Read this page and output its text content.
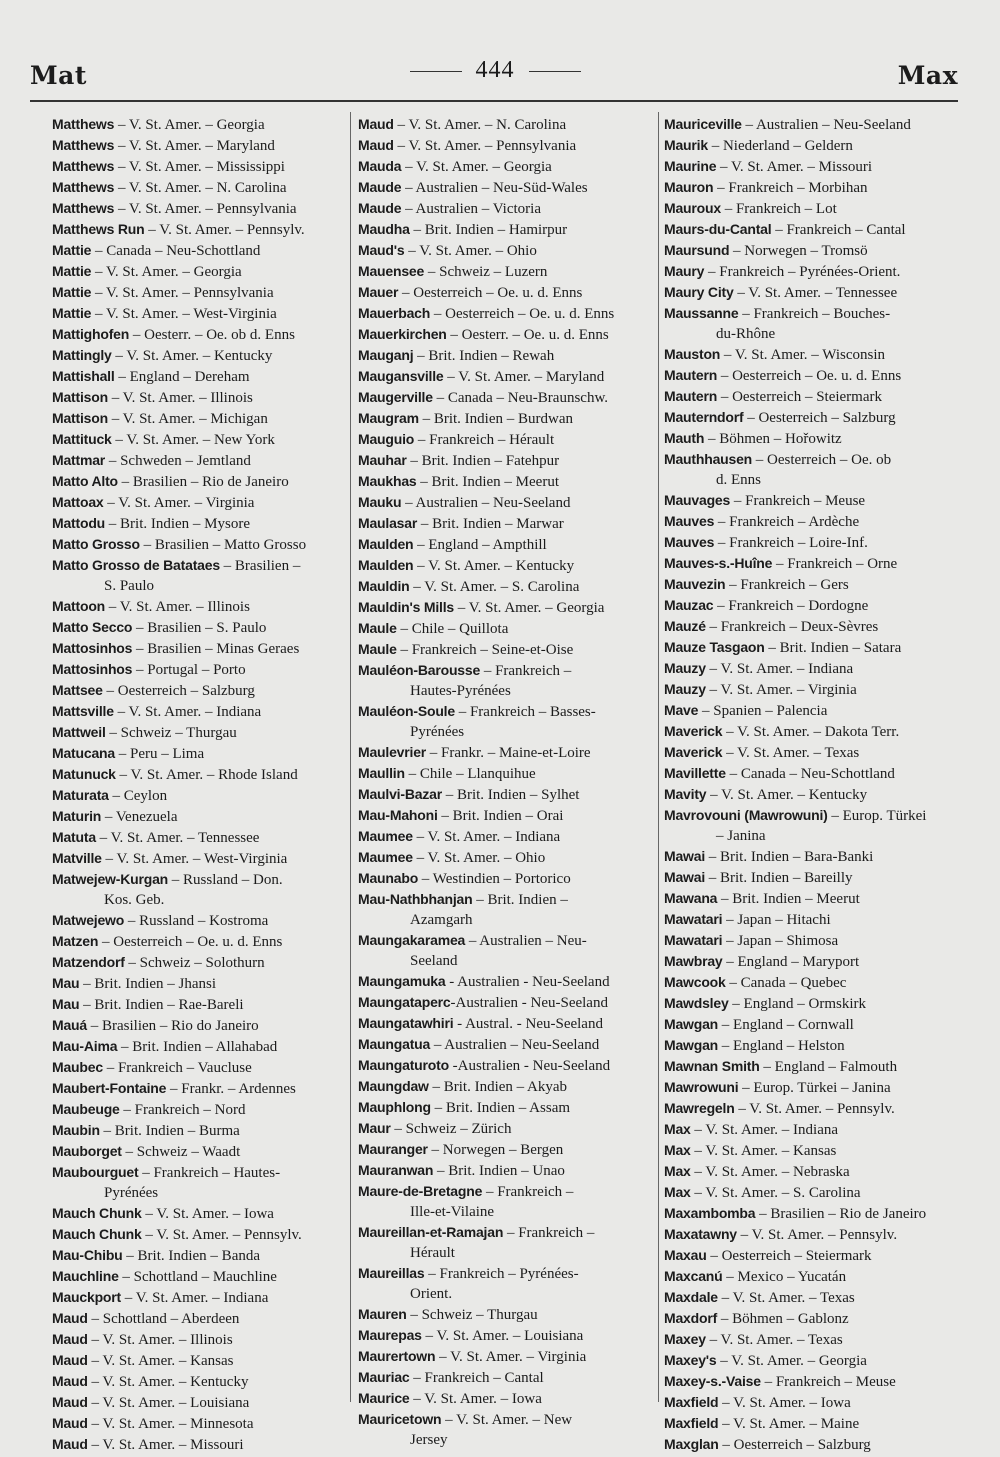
Mat	444	Max
Matthews – V. St. Amer. – Georgia
Matthews – V. St. Amer. – Maryland
Matthews – V. St. Amer. – Mississippi
Matthews – V. St. Amer. – N. Carolina
Matthews – V. St. Amer. – Pennsylvania
Matthews Run – V. St. Amer. – Pennsylv.
Mattie – Canada – Neu-Schottland
Mattie – V. St. Amer. – Georgia
Mattie – V. St. Amer. – Pennsylvania
Mattie – V. St. Amer. – West-Virginia
Mattighofen – Oesterr. – Oe. ob d. Enns
Mattingly – V. St. Amer. – Kentucky
Mattishall – England – Dereham
Mattison – V. St. Amer. – Illinois
Mattison – V. St. Amer. – Michigan
Mattituck – V. St. Amer. – New York
Mattmar – Schweden – Jemtland
Matto Alto – Brasilien – Rio de Janeiro
Mattoax – V. St. Amer. – Virginia
Mattodu – Brit. Indien – Mysore
Matto Grosso – Brasilien – Matto Grosso
Matto Grosso de Batataes – Brasilien –
S. Paulo
Mattoon – V. St. Amer. – Illinois
Matto Secco – Brasilien – S. Paulo
Mattosinhos – Brasilien – Minas Geraes
Mattosinhos – Portugal – Porto
Mattsee – Oesterreich – Salzburg
Mattsville – V. St. Amer. – Indiana
Mattweil – Schweiz – Thurgau
Matucana – Peru – Lima
Matunuck – V. St. Amer. – Rhode Island
Maturata – Ceylon
Maturin – Venezuela
Matuta – V. St. Amer. – Tennessee
Matville – V. St. Amer. – West-Virginia
Matwejew-Kurgan – Russland – Don.
Kos. Geb.
Matwejewo – Russland – Kostroma
Matzen – Oesterreich – Oe. u. d. Enns
Matzendorf – Schweiz – Solothurn
Mau – Brit. Indien – Jhansi
Mau – Brit. Indien – Rae-Bareli
Mauá – Brasilien – Rio do Janeiro
Mau-Aima – Brit. Indien – Allahabad
Maubec – Frankreich – Vaucluse
Maubert-Fontaine – Frankr. – Ardennes
Maubeuge – Frankreich – Nord
Maubin – Brit. Indien – Burma
Mauborget – Schweiz – Waadt
Maubourguet – Frankreich – Hautes-
Pyrénées
Mauch Chunk – V. St. Amer. – Iowa
Mauch Chunk – V. St. Amer. – Pennsylv.
Mau-Chibu – Brit. Indien – Banda
Mauchline – Schottland – Mauchline
Mauckport – V. St. Amer. – Indiana
Maud – Schottland – Aberdeen
Maud – V. St. Amer. – Illinois
Maud – V. St. Amer. – Kansas
Maud – V. St. Amer. – Kentucky
Maud – V. St. Amer. – Louisiana
Maud – V. St. Amer. – Minnesota
Maud – V. St. Amer. – Missouri
Maud – V. St. Amer. – N. Carolina
Maud – V. St. Amer. – Pennsylvania
Mauda – V. St. Amer. – Georgia
Maude – Australien – Neu-Süd-Wales
Maude – Australien – Victoria
Maudha – Brit. Indien – Hamirpur
Maud's – V. St. Amer. – Ohio
Mauensee – Schweiz – Luzern
Mauer – Oesterreich – Oe. u. d. Enns
Mauerbach – Oesterreich – Oe. u. d. Enns
Mauerkirchen – Oesterr. – Oe. u. d. Enns
Mauganj – Brit. Indien – Rewah
Maugansville – V. St. Amer. – Maryland
Maugerville – Canada – Neu-Braunschw.
Maugram – Brit. Indien – Burdwan
Mauguio – Frankreich – Hérault
Mauhar – Brit. Indien – Fatehpur
Maukhas – Brit. Indien – Meerut
Mauku – Australien – Neu-Seeland
Maulasar – Brit. Indien – Marwar
Maulden – England – Ampthill
Maulden – V. St. Amer. – Kentucky
Mauldin – V. St. Amer. – S. Carolina
Mauldin's Mills – V. St. Amer. – Georgia
Maule – Chile – Quillota
Maule – Frankreich – Seine-et-Oise
Mauléon-Barousse – Frankreich –
Hautes-Pyrénées
Mauléon-Soule – Frankreich – Basses-
Pyrénées
Maulevrier – Frankr. – Maine-et-Loire
Maullin – Chile – Llanquihue
Maulvi-Bazar – Brit. Indien – Sylhet
Mau-Mahoni – Brit. Indien – Orai
Maumee – V. St. Amer. – Indiana
Maumee – V. St. Amer. – Ohio
Maunabo – Westindien – Portorico
Mau-Nathbhanjan – Brit. Indien –
Azamgarh
Maungakaramea – Australien – Neu-
Seeland
Maungamuka - Australien - Neu-Seeland
Maungataperc-Australien - Neu-Seeland
Maungatawhiri - Austral. - Neu-Seeland
Maungatua – Australien – Neu-Seeland
Maungaturoto -Australien - Neu-Seeland
Maungdaw – Brit. Indien – Akyab
Mauphlong – Brit. Indien – Assam
Maur – Schweiz – Zürich
Mauranger – Norwegen – Bergen
Mauranwan – Brit. Indien – Unao
Maure-de-Bretagne – Frankreich –
Ille-et-Vilaine
Maureillan-et-Ramajan – Frankreich –
Hérault
Maureillas – Frankreich – Pyrénées-
Orient.
Mauren – Schweiz – Thurgau
Maurepas – V. St. Amer. – Louisiana
Maurertown – V. St. Amer. – Virginia
Mauriac – Frankreich – Cantal
Maurice – V. St. Amer. – Iowa
Mauricetown – V. St. Amer. – New
Jersey
Mauriceville – Australien – Neu-Seeland
Maurik – Niederland – Geldern
Maurine – V. St. Amer. – Missouri
Mauron – Frankreich – Morbihan
Mauroux – Frankreich – Lot
Maurs-du-Cantal – Frankreich – Cantal
Maursund – Norwegen – Tromsö
Maury – Frankreich – Pyrénées-Orient.
Maury City – V. St. Amer. – Tennessee
Maussanne – Frankreich – Bouches-
du-Rhône
Mauston – V. St. Amer. – Wisconsin
Mautern – Oesterreich – Oe. u. d. Enns
Mautern – Oesterreich – Steiermark
Mauterndorf – Oesterreich – Salzburg
Mauth – Böhmen – Hořowitz
Mauthhausen – Oesterreich – Oe. ob
d. Enns
Mauvages – Frankreich – Meuse
Mauves – Frankreich – Ardèche
Mauves – Frankreich – Loire-Inf.
Mauves-s.-Huîne – Frankreich – Orne
Mauvezin – Frankreich – Gers
Mauzac – Frankreich – Dordogne
Mauzé – Frankreich – Deux-Sèvres
Mauze Tasgaon – Brit. Indien – Satara
Mauzy – V. St. Amer. – Indiana
Mauzy – V. St. Amer. – Virginia
Mave – Spanien – Palencia
Maverick – V. St. Amer. – Dakota Terr.
Maverick – V. St. Amer. – Texas
Mavillette – Canada – Neu-Schottland
Mavity – V. St. Amer. – Kentucky
Mavrovouni (Mawrowuni) – Europ. Türkei
– Janina
Mawai – Brit. Indien – Bara-Banki
Mawai – Brit. Indien – Bareilly
Mawana – Brit. Indien – Meerut
Mawatari – Japan – Hitachi
Mawatari – Japan – Shimosa
Mawbray – England – Maryport
Mawcook – Canada – Quebec
Mawdsley – England – Ormskirk
Mawgan – England – Cornwall
Mawgan – England – Helston
Mawnan Smith – England – Falmouth
Mawrowuni – Europ. Türkei – Janina
Mawregeln – V. St. Amer. – Pennsylv.
Max – V. St. Amer. – Indiana
Max – V. St. Amer. – Kansas
Max – V. St. Amer. – Nebraska
Max – V. St. Amer. – S. Carolina
Maxambomba – Brasilien – Rio de Janeiro
Maxatawny – V. St. Amer. – Pennsylv.
Maxau – Oesterreich – Steiermark
Maxcanú – Mexico – Yucatán
Maxdale – V. St. Amer. – Texas
Maxdorf – Böhmen – Gablonz
Maxey – V. St. Amer. – Texas
Maxey's – V. St. Amer. – Georgia
Maxey-s.-Vaise – Frankreich – Meuse
Maxfield – V. St. Amer. – Iowa
Maxfield – V. St. Amer. – Maine
Maxglan – Oesterreich – Salzburg
